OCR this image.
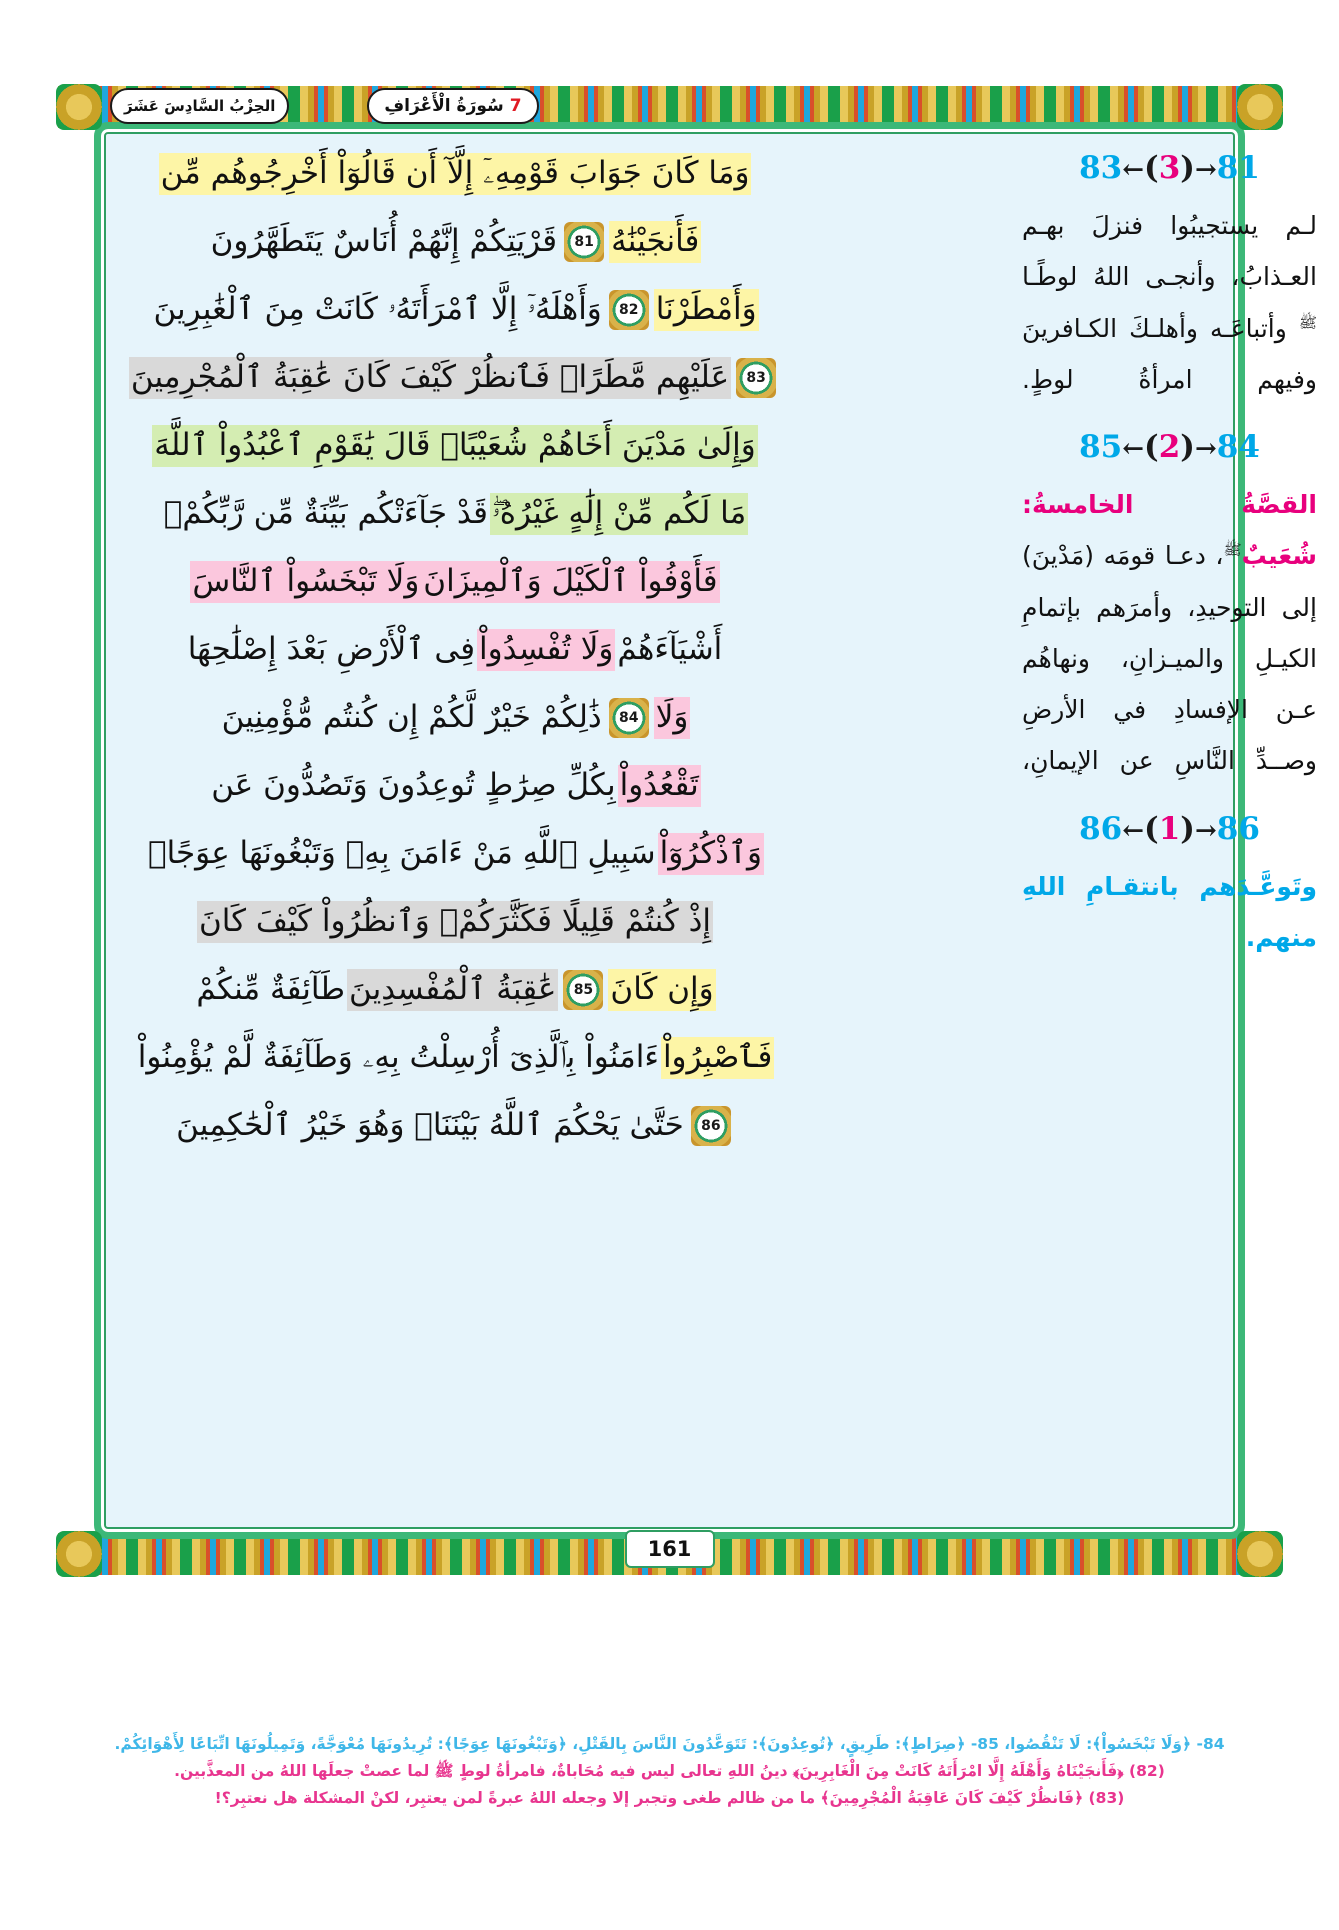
7
سُورَةُ الْأَعْرَافِ
الحِزْبُ السَّادِسَ عَشَرَ
وَمَا كَانَ جَوَابَ قَوْمِهِۦٓ إِلَّآ أَن قَالُوٓاْ أَخْرِجُوهُم مِّن
فَأَنجَيْنَٰهُ
81
قَرْيَتِكُمْ إِنَّهُمْ أُنَاسٌ يَتَطَهَّرُونَ
وَأَمْطَرْنَا
82
وَأَهْلَهُۥٓ إِلَّا ٱمْرَأَتَهُۥ كَانَتْ مِنَ ٱلْغَٰبِرِينَ
83
عَلَيْهِم مَّطَرًاۖ فَٱنظُرْ كَيْفَ كَانَ عَٰقِبَةُ ٱلْمُجْرِمِينَ
وَإِلَىٰ مَدْيَنَ أَخَاهُمْ شُعَيْبًاۚ قَالَ يَٰقَوْمِ ٱعْبُدُواْ ٱللَّهَ
مَا لَكُم مِّنْ إِلَٰهٍ غَيْرُهُۥۖ
قَدْ جَآءَتْكُم بَيِّنَةٌ مِّن رَّبِّكُمْۖ
فَأَوْفُواْ ٱلْكَيْلَ وَٱلْمِيزَانَ
وَلَا تَبْخَسُواْ ٱلنَّاسَ
أَشْيَآءَهُمْ
وَلَا تُفْسِدُواْ
فِى ٱلْأَرْضِ بَعْدَ إِصْلَٰحِهَا
وَلَا
84
ذَٰلِكُمْ خَيْرٌ لَّكُمْ إِن كُنتُم مُّؤْمِنِينَ
تَقْعُدُواْ
بِكُلِّ صِرَٰطٍ تُوعِدُونَ وَتَصُدُّونَ عَن
وَٱذْكُرُوٓاْ
سَبِيلِ ٱللَّهِ مَنْ ءَامَنَ بِهِۦ وَتَبْغُونَهَا عِوَجًاۚ
إِذْ كُنتُمْ قَلِيلًا فَكَثَّرَكُمْۖ وَٱنظُرُواْ كَيْفَ كَانَ
وَإِن كَانَ
85
عَٰقِبَةُ ٱلْمُفْسِدِينَ
طَآئِفَةٌ مِّنكُمْ
فَٱصْبِرُواْ
ءَامَنُواْ بِٱلَّذِىٓ أُرْسِلْتُ بِهِۦ وَطَآئِفَةٌ لَّمْ يُؤْمِنُواْ
86
حَتَّىٰ يَحْكُمَ ٱللَّهُ بَيْنَنَاۚ وَهُوَ خَيْرُ ٱلْحَٰكِمِينَ
161
83←(3)→81
لـم يستجيبُوا فنزلَ بهـم العـذابُ، وأنجـى اللهُ لوطًـا $^ﷺ$ وأتباعَـه وأهلـكَ الكـافرينَ وفيهم امرأةُ لوطٍ.
85←(2)→84
القصَّةُ الخامسةُ: شُعَيبٌ$^ﷺ$، دعـا قومَه (مَدْينَ) إلى التوحيدِ، وأمرَهم بإتمامِ الكيـلِ والميـزانِ، ونهاهُم عـن الإفسادِ في الأرضِ وصــدِّ النَّاسِ عن الإيمانِ،
86←(1)→86
وتَوعَّـدَهم بانتقـامِ اللهِ منهم.
84- ﴿وَلَا تَبْخَسُواْ﴾: لَا تَنْقُصُوا، 85- ﴿صِرَاطٍ﴾: طَرِيقٍ، ﴿تُوعِدُونَ﴾: تَتَوَعَّدُونَ النَّاسَ بِالقَتْلِ، ﴿وَتَبْغُونَهَا عِوَجًا﴾: تُرِيدُونَهَا مُعْوَجَّةً، وَتَمِيلُونَهَا اتِّبَاعًا لِأَهْوَائِكُمْ.
(82) ﴿فَأَنجَيْنَاهُ وَأَهْلَهُ إِلَّا امْرَأَتَهُ كَانَتْ مِنَ الْغَابِرِينَ﴾ دينُ اللهِ تعالى ليس فيه مُحَاباةٌ، فامرأةُ لوطٍ ﷺ لما عصتْ جعلَها اللهُ من المعذَّبين.
(83) ﴿فَانظُرْ كَيْفَ كَانَ عَاقِبَةُ الْمُجْرِمِينَ﴾ ما من ظالم طغى وتجبر إلا وجعله اللهُ عبرةً لمن يعتبِر، لكنْ المشكلة هل نعتبِر؟!
